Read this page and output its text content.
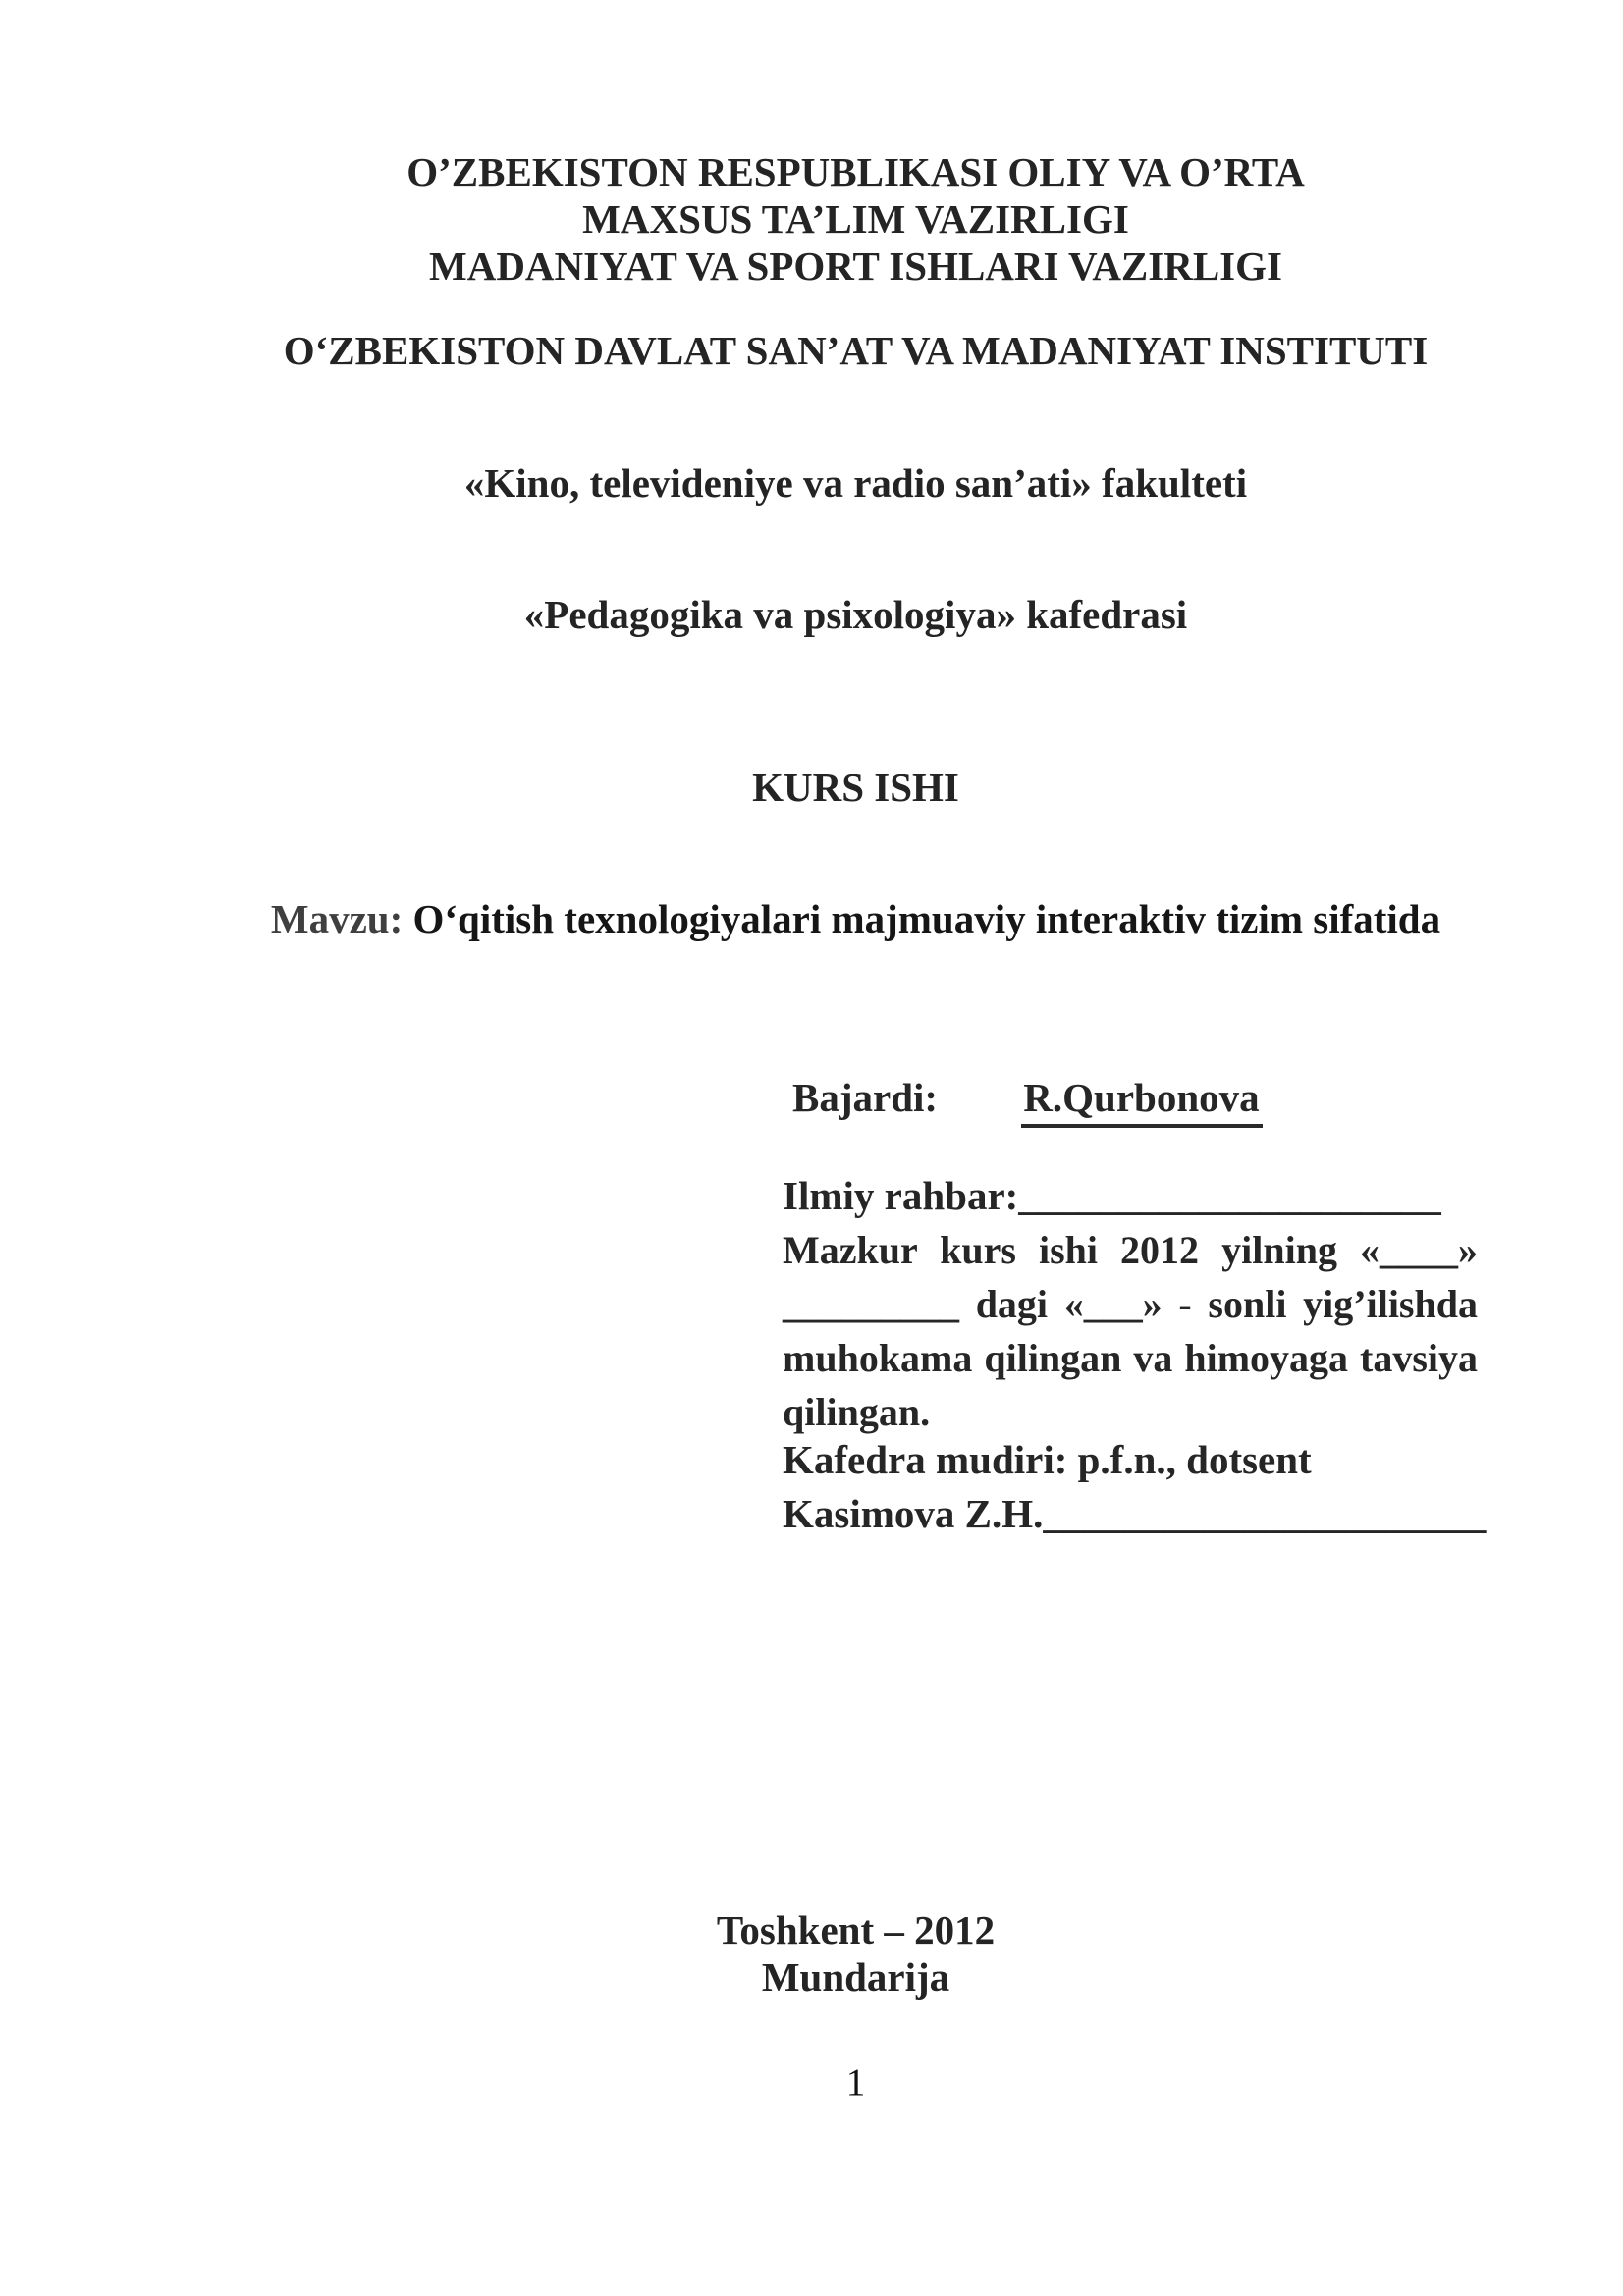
O’ZBEKISTON RESPUBLIKASI OLIY VA O’RTA
MAXSUS TA’LIM VAZIRLIGI
MADANIYAT VA SPORT ISHLARI VAZIRLIGI
O‘ZBEKISTON DAVLAT SAN’AT VA MADANIYAT INSTITUTI
«Kino, televideniye va radio san’ati» fakulteti
«Pedagogika va psixologiya» kafedrasi
KURS ISHI
Mavzu: O‘qitish texnologiyalari majmuaviy interaktiv tizim sifatida
Bajardi: R.Qurbonova
Ilmiy rahbar:_____________________
Mazkur kurs ishi 2012 yilning «____»
_________ dagi «___» - sonli yig’ilishda
muhokama qilingan va himoyaga tavsiya
qilingan.
Kafedra mudiri: p.f.n., dotsent
Kasimova Z.H.______________________
Toshkent – 2012
Mundarija
1
